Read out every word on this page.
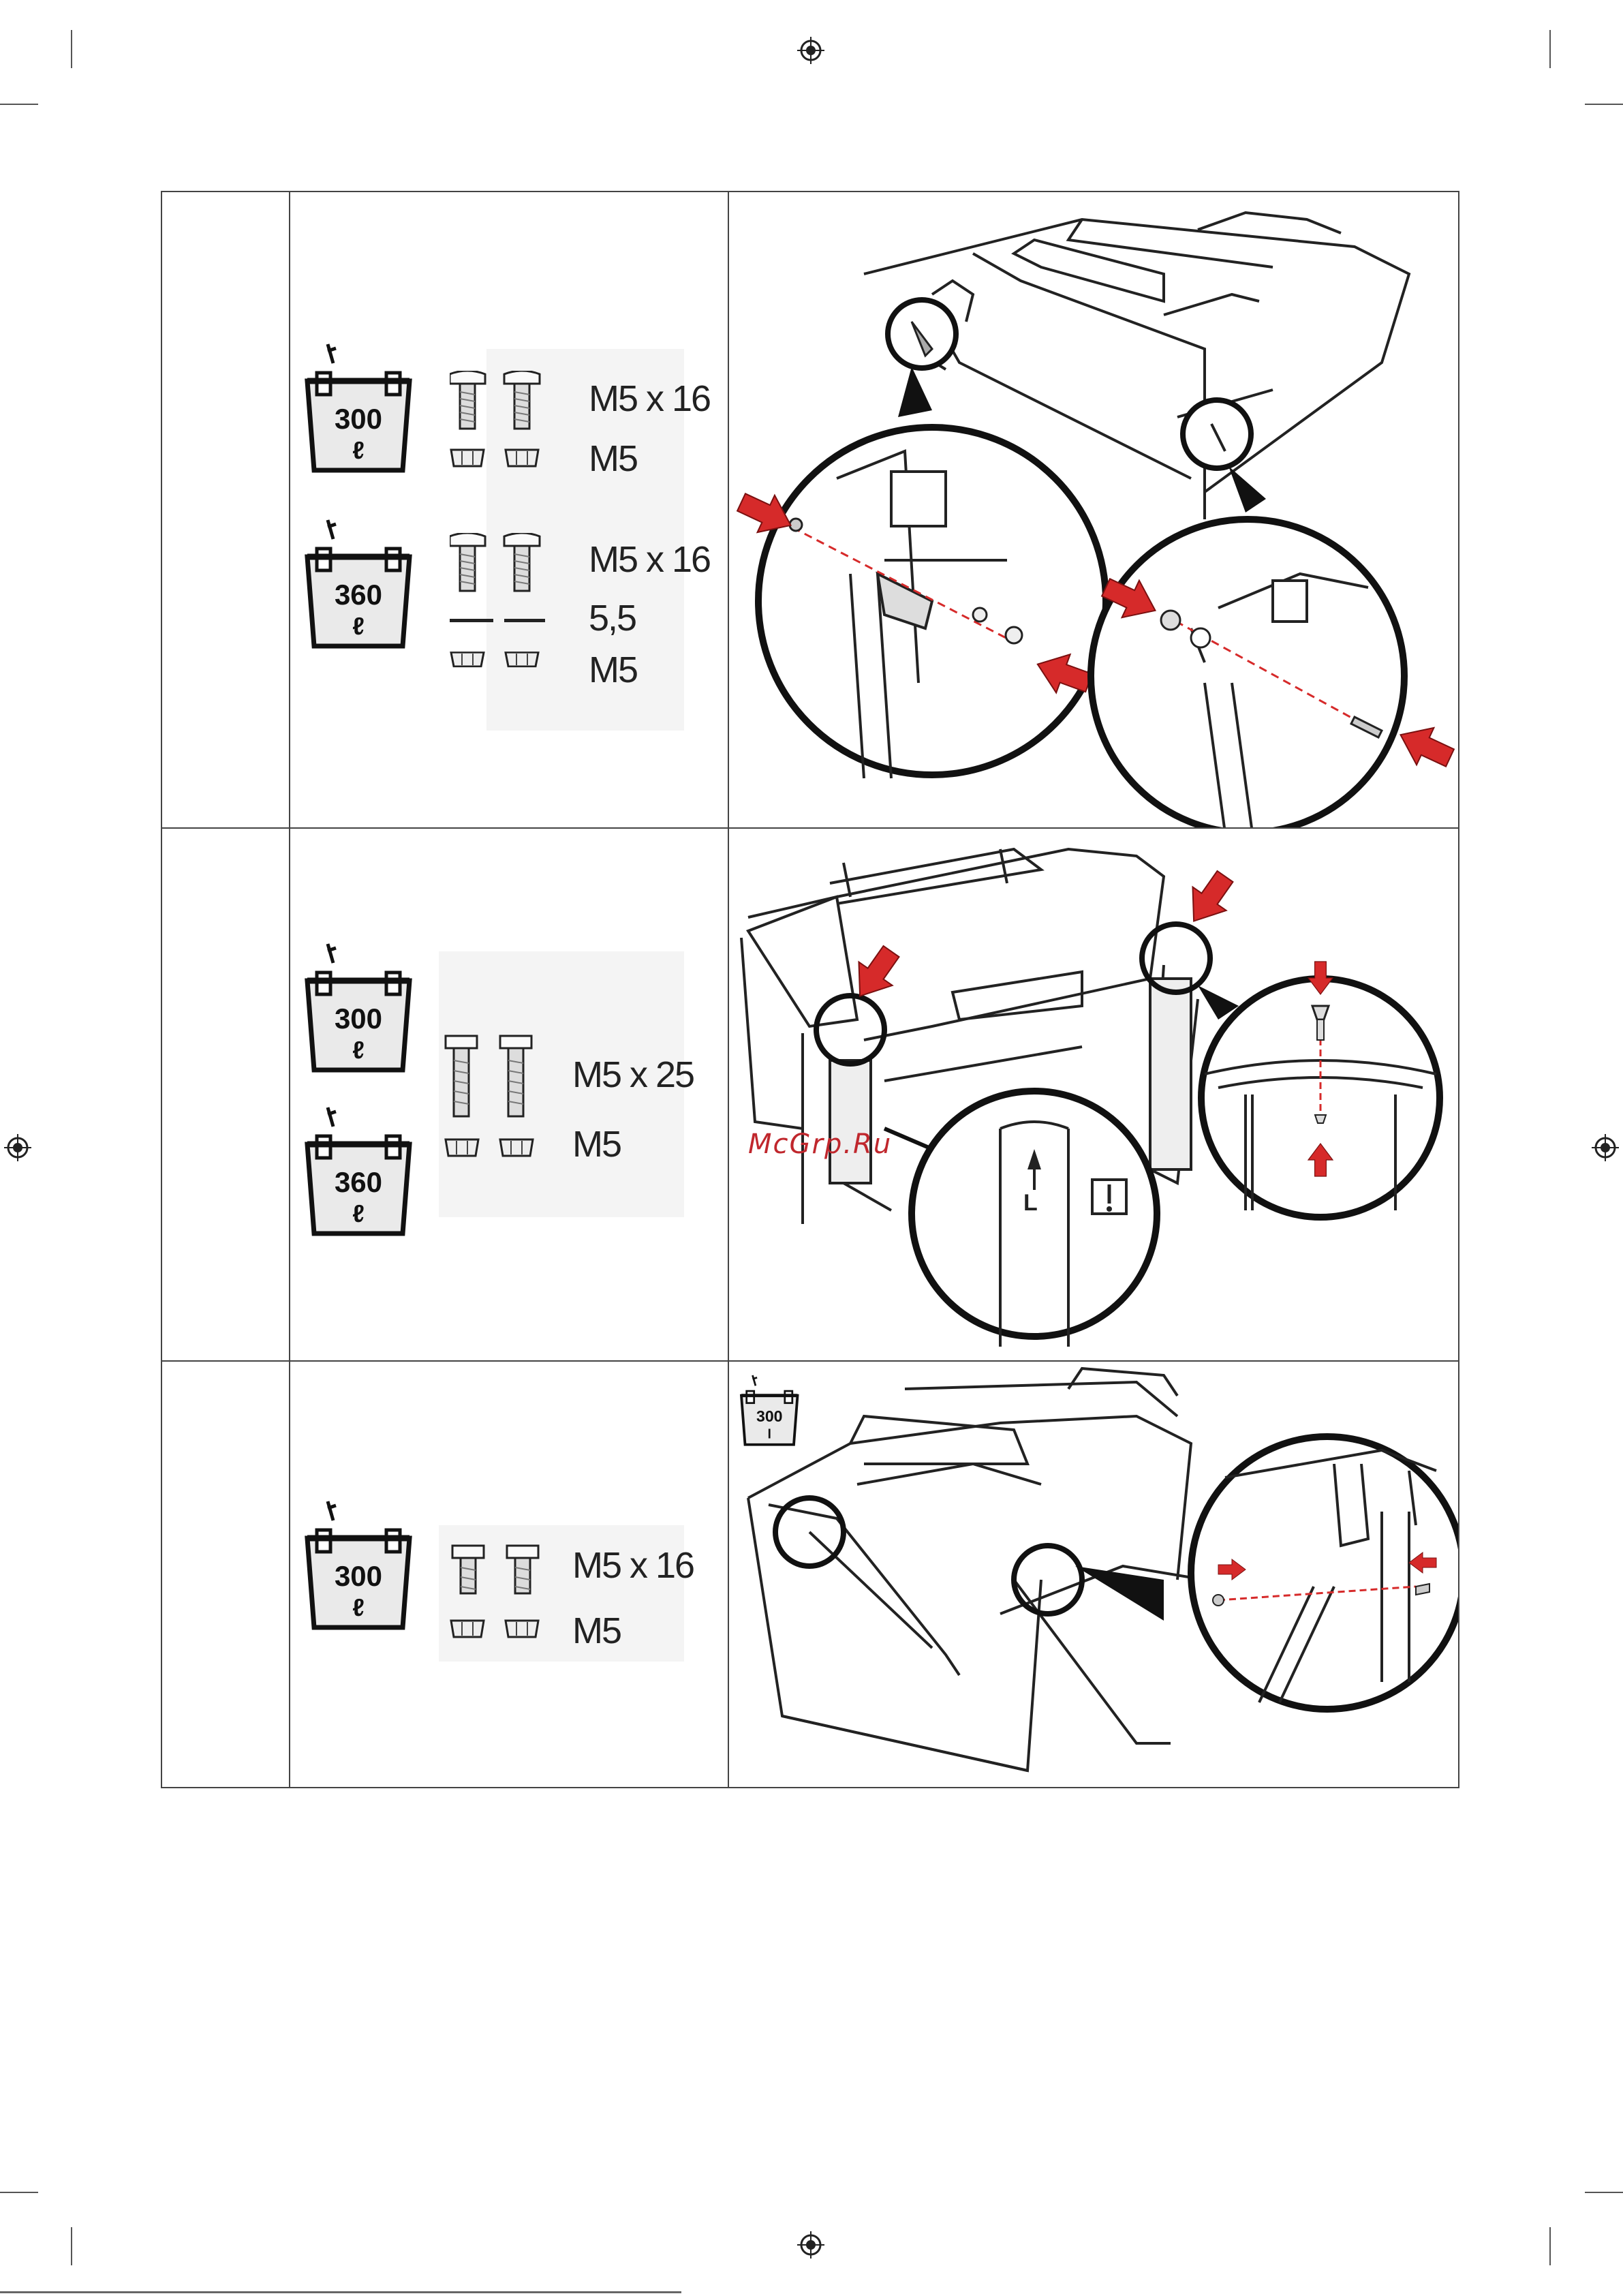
300
ℓ
360
ℓ
M5 x 16
M5
M5 x 16
5,5
M5
300
ℓ
360
ℓ
M5 x 25
M5
L
McGrp.Ru
300
ℓ
M5 x 16
M5
300
l
